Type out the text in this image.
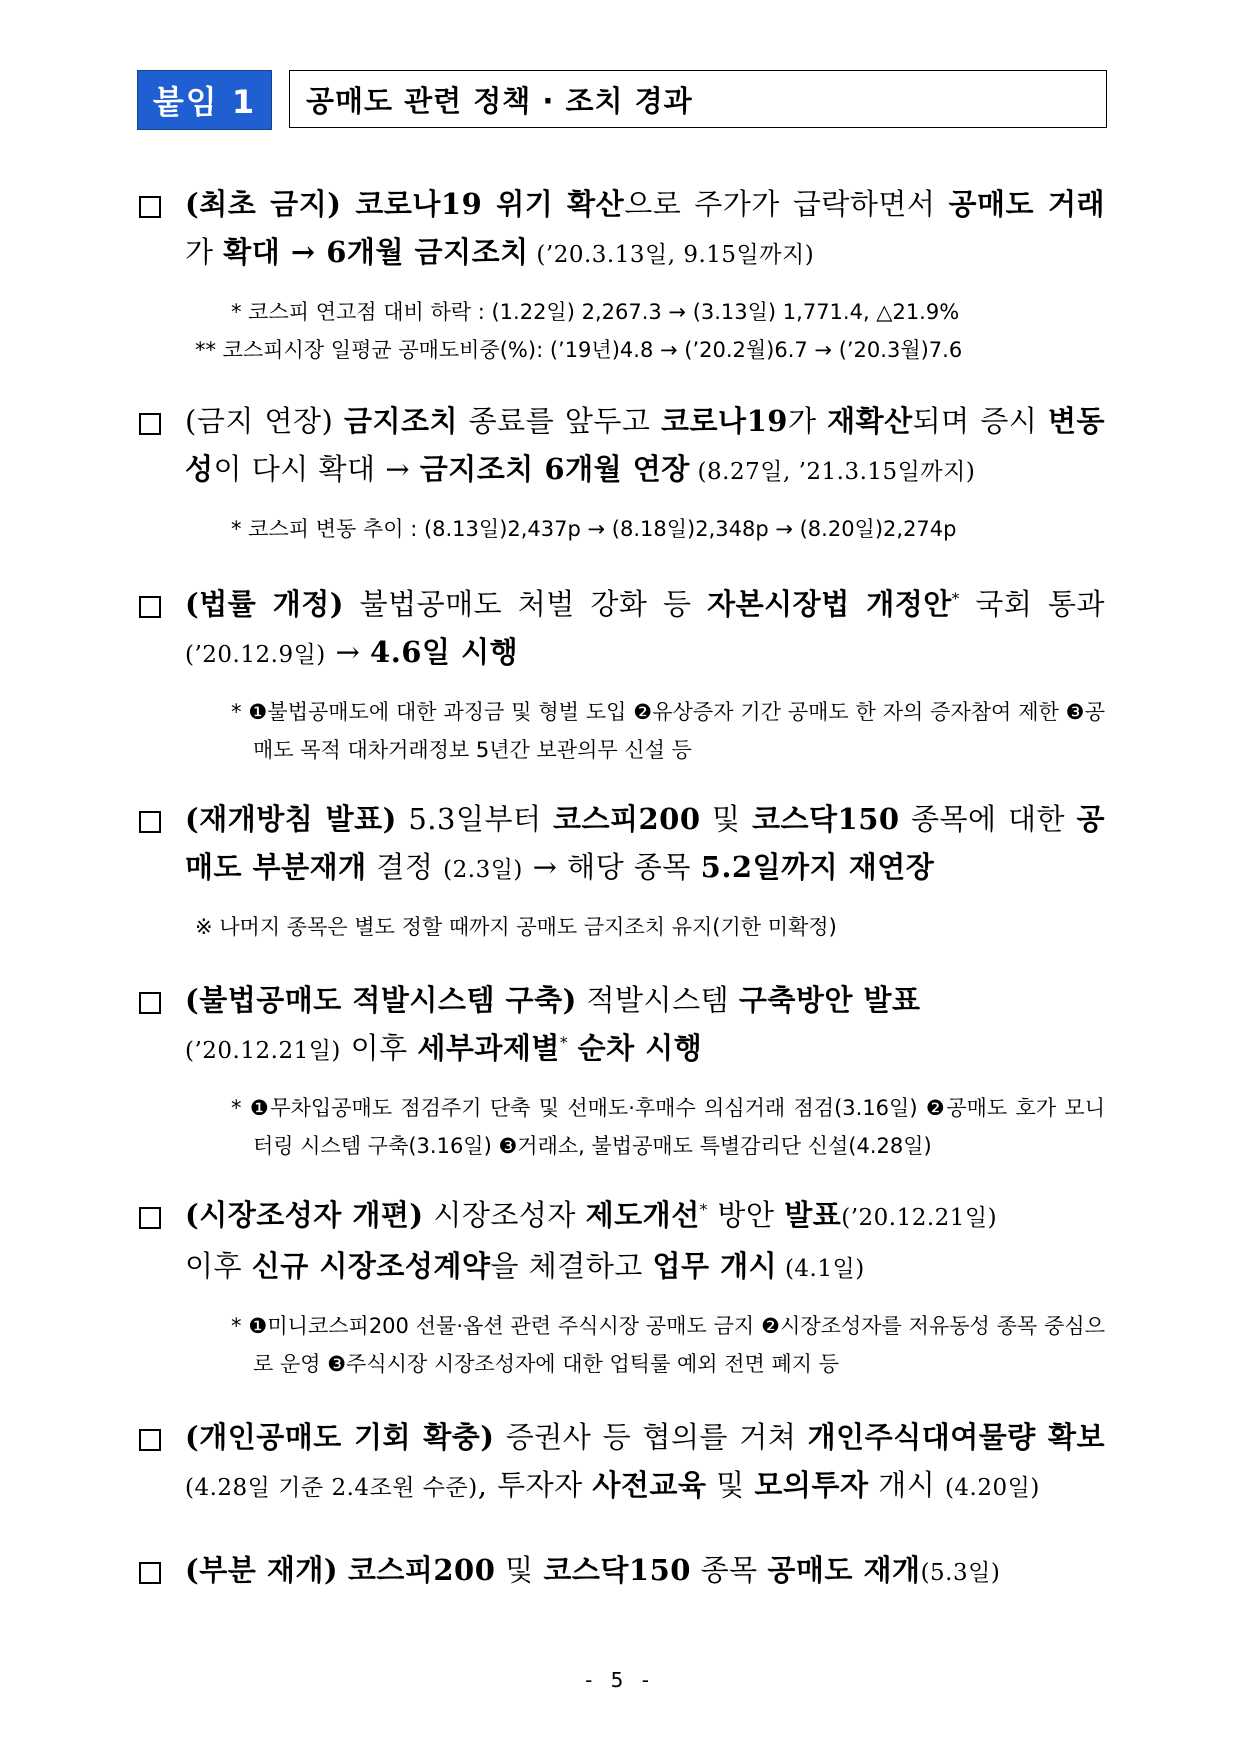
붙임 1	공매도 관련 정책 · 조치 경과
(최초 금지) 코로나19 위기 확산으로 주가가 급락하면서 공매도 거래가 확대 → 6개월 금지조치 (’20.3.13일, 9.15일까지)
* 코스피 연고점 대비 하락 : (1.22일) 2,267.3 → (3.13일) 1,771.4, △21.9%
** 코스피시장 일평균 공매도비중(%): (’19년)4.8 → (’20.2월)6.7 → (’20.3월)7.6
(금지 연장) 금지조치 종료를 앞두고 코로나19가 재확산되며 증시 변동성이 다시 확대 → 금지조치 6개월 연장 (8.27일, ’21.3.15일까지)
* 코스피 변동 추이 : (8.13일)2,437p → (8.18일)2,348p → (8.20일)2,274p
(법률 개정) 불법공매도 처벌 강화 등 자본시장법 개정안* 국회 통과(’20.12.9일) → 4.6일 시행
* ❶불법공매도에 대한 과징금 및 형벌 도입 ❷유상증자 기간 공매도 한 자의 증자참여 제한 ❸공매도 목적 대차거래정보 5년간 보관의무 신설 등
(재개방침 발표) 5.3일부터 코스피200 및 코스닥150 종목에 대한 공매도 부분재개 결정 (2.3일) → 해당 종목 5.2일까지 재연장
※ 나머지 종목은 별도 정할 때까지 공매도 금지조치 유지(기한 미확정)
(불법공매도 적발시스템 구축) 적발시스템 구축방안 발표
(’20.12.21일) 이후 세부과제별* 순차 시행
* ❶무차입공매도 점검주기 단축 및 선매도·후매수 의심거래 점검(3.16일) ❷공매도 호가 모니터링 시스템 구축(3.16일) ❸거래소, 불법공매도 특별감리단 신설(4.28일)
(시장조성자 개편) 시장조성자 제도개선* 방안 발표(’20.12.21일)
이후 신규 시장조성계약을 체결하고 업무 개시 (4.1일)
* ❶미니코스피200 선물·옵션 관련 주식시장 공매도 금지 ❷시장조성자를 저유동성 종목 중심으로 운영 ❸주식시장 시장조성자에 대한 업틱룰 예외 전면 폐지 등
(개인공매도 기회 확충) 증권사 등 협의를 거쳐 개인주식대여물량 확보(4.28일 기준 2.4조원 수준), 투자자 사전교육 및 모의투자 개시 (4.20일)
(부분 재개) 코스피200 및 코스닥150 종목 공매도 재개(5.3일)
- 5 -
